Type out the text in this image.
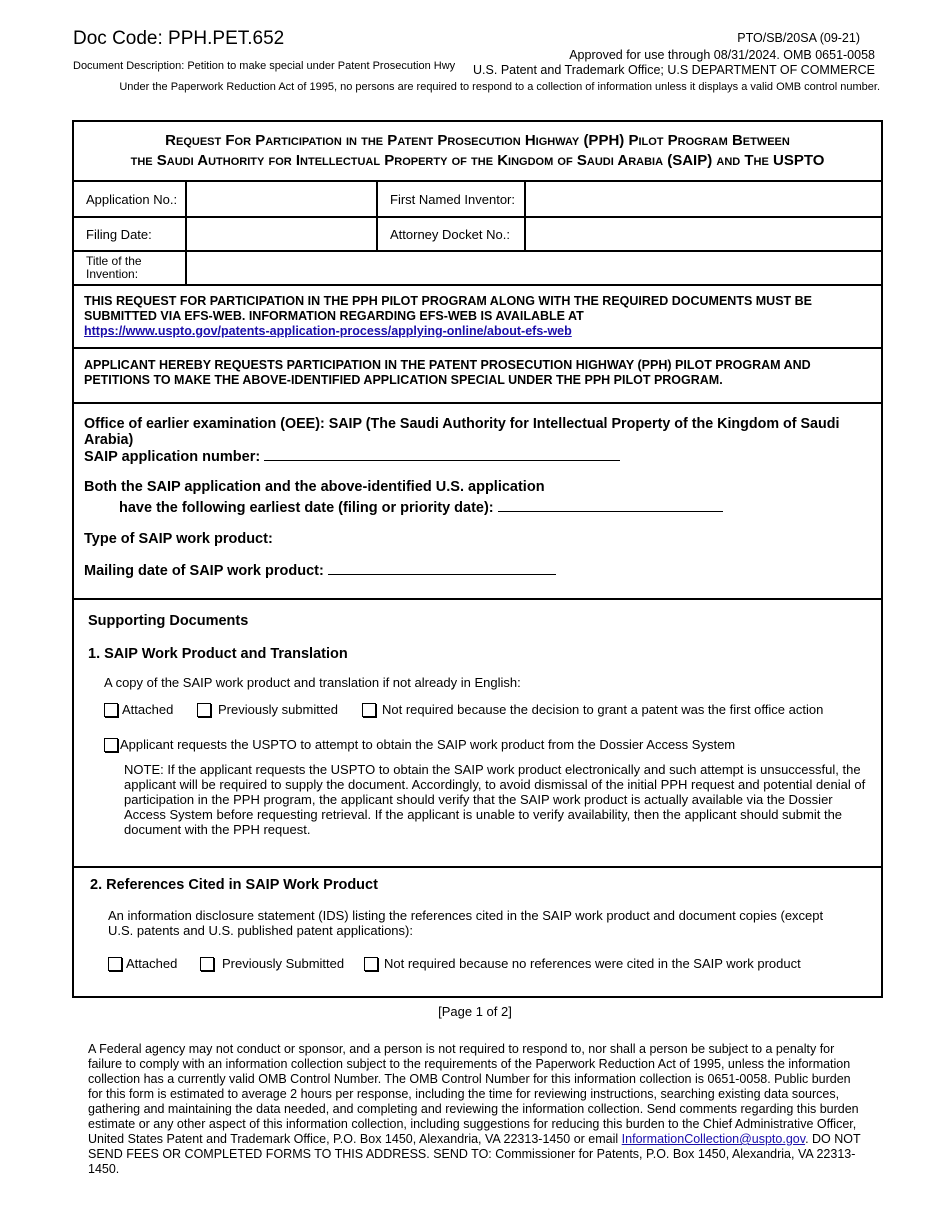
Doc Code: PPH.PET.652
Document Description: Petition to make special under Patent Prosecution Hwy
PTO/SB/20SA (09-21)
Approved for use through 08/31/2024. OMB 0651-0058
U.S. Patent and Trademark Office; U.S DEPARTMENT OF COMMERCE
Under the Paperwork Reduction Act of 1995, no persons are required to respond to a collection of information unless it displays a valid OMB control number.
Request For Participation in the Patent Prosecution Highway (PPH) Pilot Program Between
the Saudi Authority for Intellectual Property of the Kingdom of Saudi Arabia (SAIP) and The USPTO
Application No.:	First Named Inventor:
Filing Date:	Attorney Docket No.:
Title of the
Invention:
THIS REQUEST FOR PARTICIPATION IN THE PPH PILOT PROGRAM ALONG WITH THE REQUIRED DOCUMENTS MUST BE SUBMITTED VIA EFS-WEB. INFORMATION REGARDING EFS-WEB IS AVAILABLE AT
https://www.uspto.gov/patents-application-process/applying-online/about-efs-web
APPLICANT HEREBY REQUESTS PARTICIPATION IN THE PATENT PROSECUTION HIGHWAY (PPH) PILOT PROGRAM AND PETITIONS TO MAKE THE ABOVE-IDENTIFIED APPLICATION SPECIAL UNDER THE PPH PILOT PROGRAM.
Office of earlier examination (OEE): SAIP (The Saudi Authority for Intellectual Property of the Kingdom of Saudi Arabia)
SAIP application number:
Both the SAIP application and the above-identified U.S. application
have the following earliest date (filing or priority date):
Type of SAIP work product:
Mailing date of SAIP work product:
Supporting Documents
1. SAIP Work Product and Translation
A copy of the SAIP work product and translation if not already in English:
Attached	Previously submitted	Not required because the decision to grant a patent was the first office action
Applicant requests the USPTO to attempt to obtain the SAIP work product from the Dossier Access System
NOTE: If the applicant requests the USPTO to obtain the SAIP work product electronically and such attempt is unsuccessful, the applicant will be required to supply the document. Accordingly, to avoid dismissal of the initial PPH request and potential denial of participation in the PPH program, the applicant should verify that the SAIP work product is actually available via the Dossier Access System before requesting retrieval. If the applicant is unable to verify availability, then the applicant should submit the document with the PPH request.
2. References Cited in SAIP Work Product
An information disclosure statement (IDS) listing the references cited in the SAIP work product and document copies (except U.S. patents and U.S. published patent applications):
Attached	Previously Submitted	Not required because no references were cited in the SAIP work product
[Page 1 of 2]
A Federal agency may not conduct or sponsor, and a person is not required to respond to, nor shall a person be subject to a penalty for failure to comply with an information collection subject to the requirements of the Paperwork Reduction Act of 1995, unless the information collection has a currently valid OMB Control Number. The OMB Control Number for this information collection is 0651-0058. Public burden for this form is estimated to average 2 hours per response, including the time for reviewing instructions, searching existing data sources, gathering and maintaining the data needed, and completing and reviewing the information collection. Send comments regarding this burden estimate or any other aspect of this information collection, including suggestions for reducing this burden to the Chief Administrative Officer, United States Patent and Trademark Office, P.O. Box 1450, Alexandria, VA 22313-1450 or email InformationCollection@uspto.gov. DO NOT SEND FEES OR COMPLETED FORMS TO THIS ADDRESS. SEND TO: Commissioner for Patents, P.O. Box 1450, Alexandria, VA 22313-1450.
